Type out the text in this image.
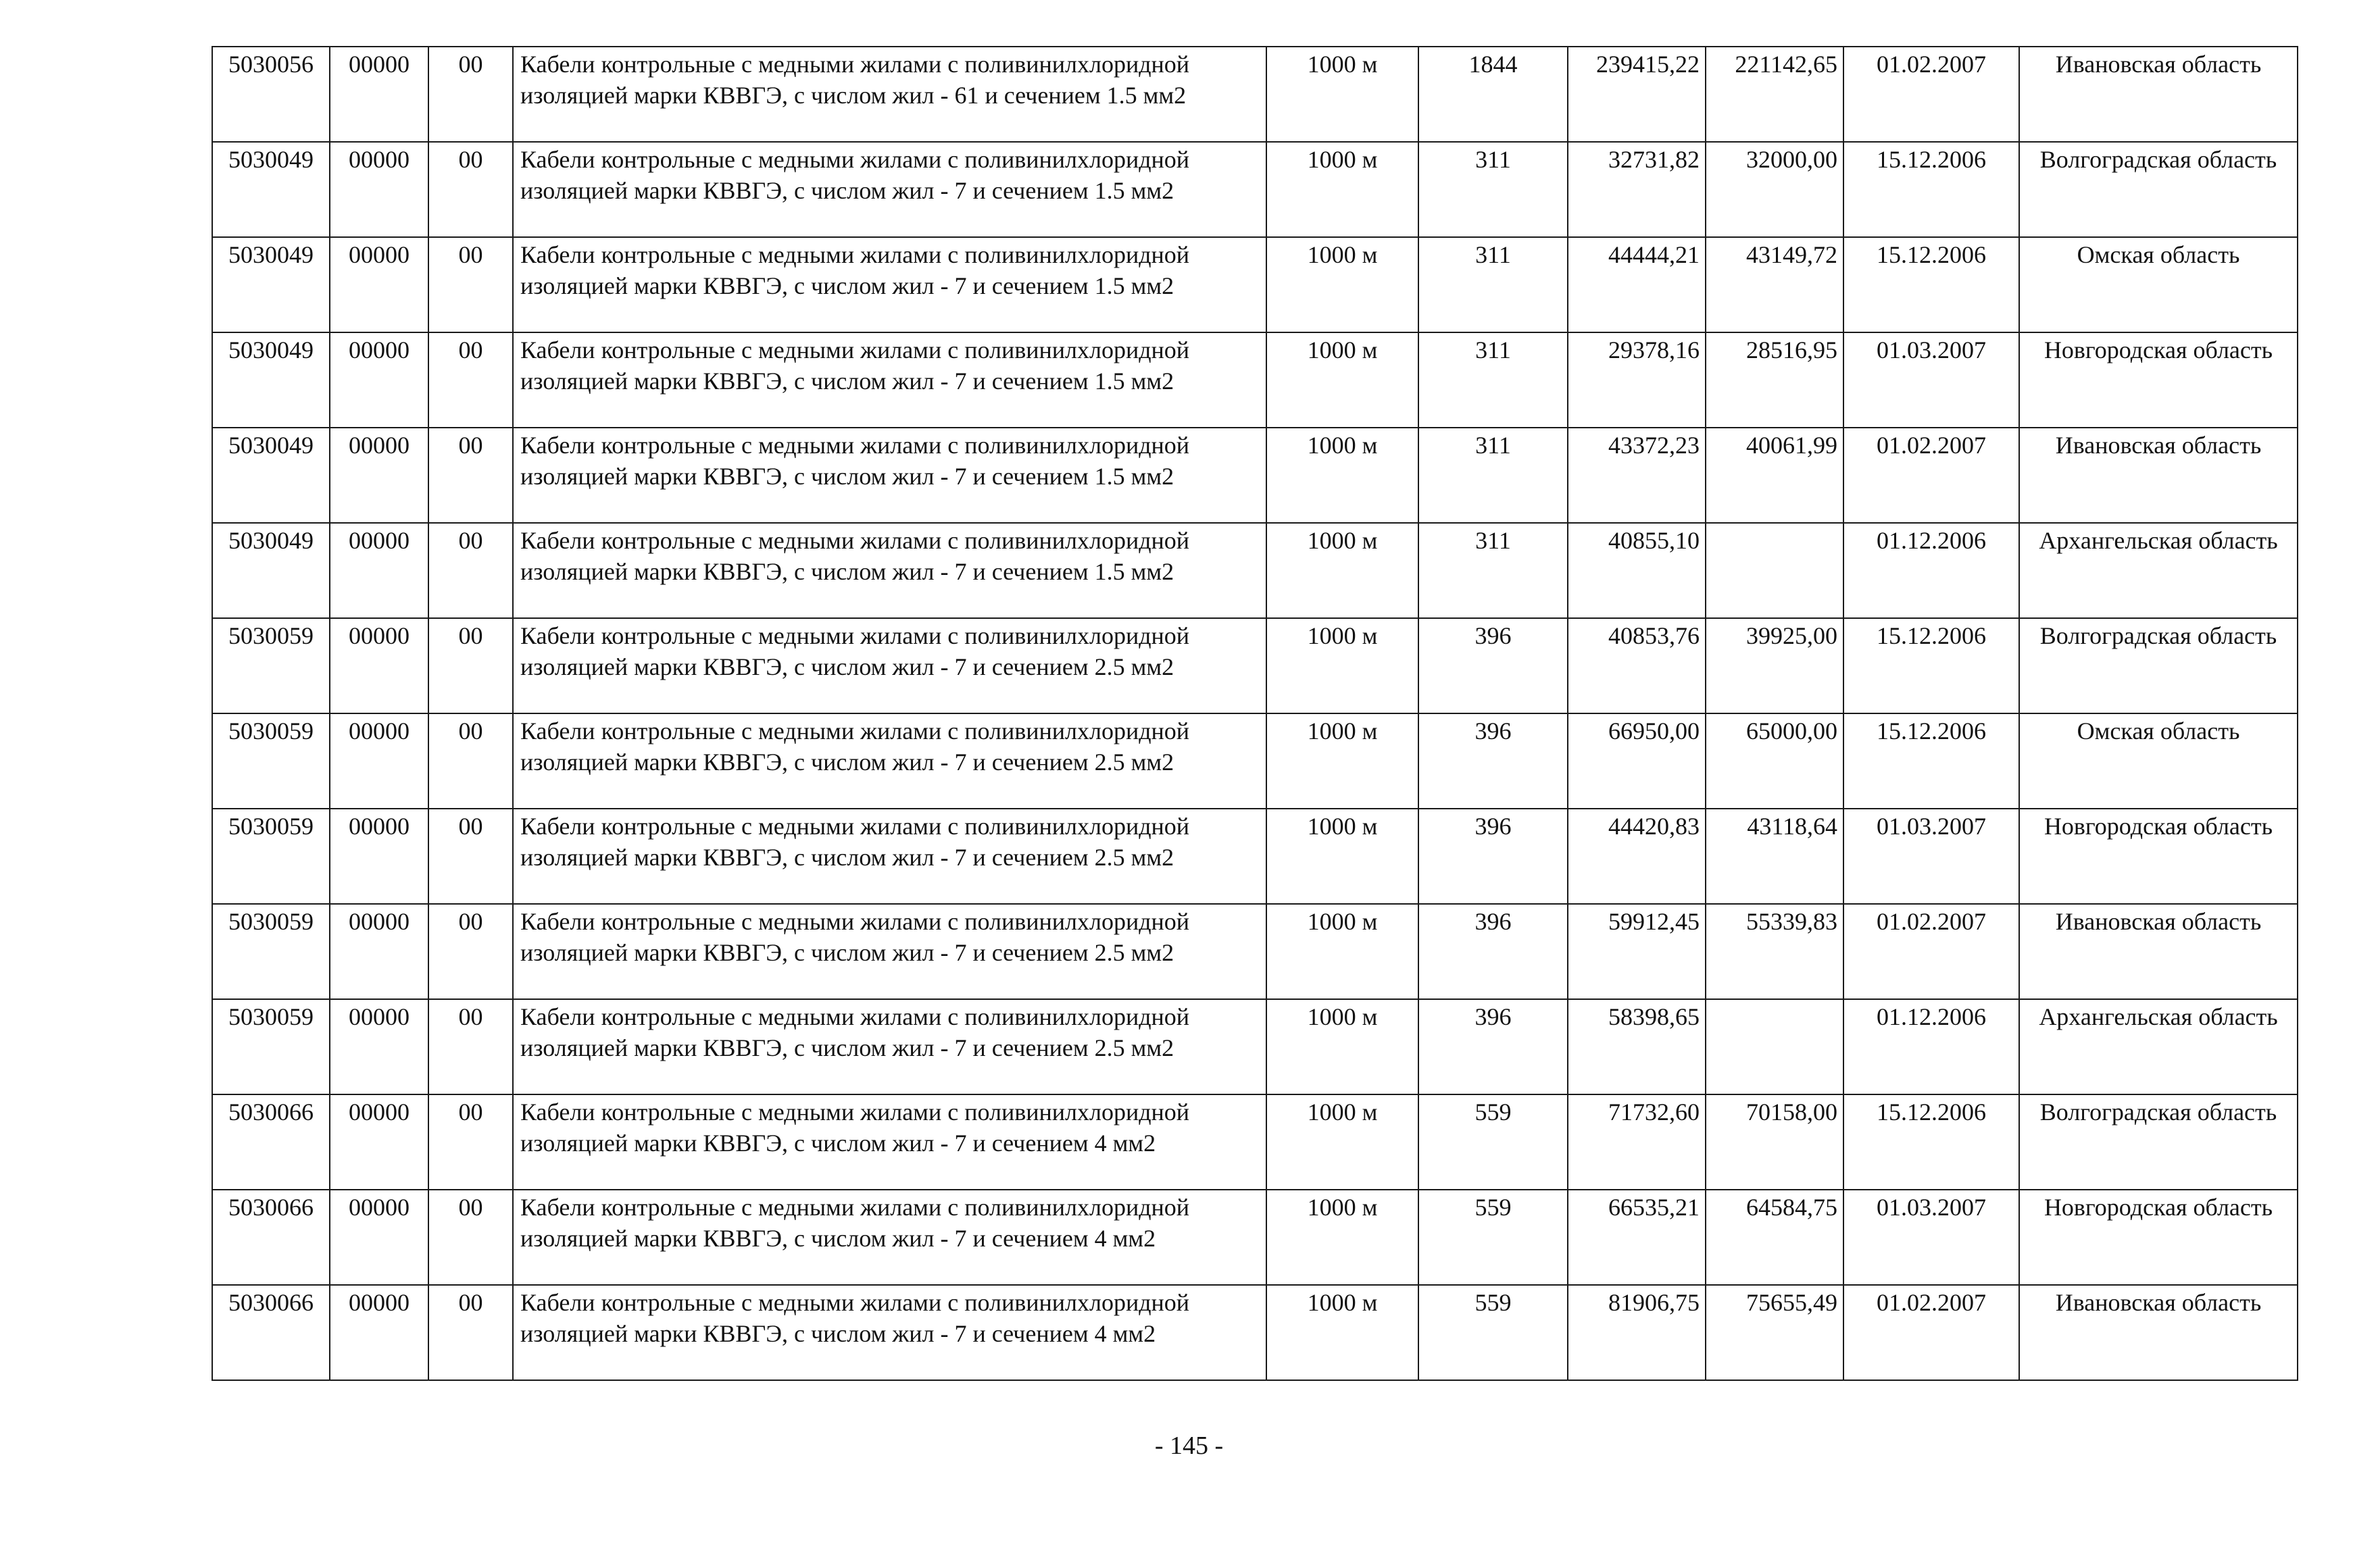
5030056	00000	00	Кабели контрольные с медными жилами с поливинилхлоридной изоляцией марки КВВГЭ, с числом жил - 61 и сечением 1.5 мм2	1000 м	1844	239415,22	221142,65	01.02.2007	Ивановская область
5030049	00000	00	Кабели контрольные с медными жилами с поливинилхлоридной изоляцией марки КВВГЭ, с числом жил - 7 и сечением 1.5 мм2	1000 м	311	32731,82	32000,00	15.12.2006	Волгоградская область
5030049	00000	00	Кабели контрольные с медными жилами с поливинилхлоридной изоляцией марки КВВГЭ, с числом жил - 7 и сечением 1.5 мм2	1000 м	311	44444,21	43149,72	15.12.2006	Омская область
5030049	00000	00	Кабели контрольные с медными жилами с поливинилхлоридной изоляцией марки КВВГЭ, с числом жил - 7 и сечением 1.5 мм2	1000 м	311	29378,16	28516,95	01.03.2007	Новгородская область
5030049	00000	00	Кабели контрольные с медными жилами с поливинилхлоридной изоляцией марки КВВГЭ, с числом жил - 7 и сечением 1.5 мм2	1000 м	311	43372,23	40061,99	01.02.2007	Ивановская область
5030049	00000	00	Кабели контрольные с медными жилами с поливинилхлоридной изоляцией марки КВВГЭ, с числом жил - 7 и сечением 1.5 мм2	1000 м	311	40855,10		01.12.2006	Архангельская область
5030059	00000	00	Кабели контрольные с медными жилами с поливинилхлоридной изоляцией марки КВВГЭ, с числом жил - 7 и сечением 2.5 мм2	1000 м	396	40853,76	39925,00	15.12.2006	Волгоградская область
5030059	00000	00	Кабели контрольные с медными жилами с поливинилхлоридной изоляцией марки КВВГЭ, с числом жил - 7 и сечением 2.5 мм2	1000 м	396	66950,00	65000,00	15.12.2006	Омская область
5030059	00000	00	Кабели контрольные с медными жилами с поливинилхлоридной изоляцией марки КВВГЭ, с числом жил - 7 и сечением 2.5 мм2	1000 м	396	44420,83	43118,64	01.03.2007	Новгородская область
5030059	00000	00	Кабели контрольные с медными жилами с поливинилхлоридной изоляцией марки КВВГЭ, с числом жил - 7 и сечением 2.5 мм2	1000 м	396	59912,45	55339,83	01.02.2007	Ивановская область
5030059	00000	00	Кабели контрольные с медными жилами с поливинилхлоридной изоляцией марки КВВГЭ, с числом жил - 7 и сечением 2.5 мм2	1000 м	396	58398,65		01.12.2006	Архангельская область
5030066	00000	00	Кабели контрольные с медными жилами с поливинилхлоридной изоляцией марки КВВГЭ, с числом жил - 7 и сечением 4 мм2	1000 м	559	71732,60	70158,00	15.12.2006	Волгоградская область
5030066	00000	00	Кабели контрольные с медными жилами с поливинилхлоридной изоляцией марки КВВГЭ, с числом жил - 7 и сечением 4 мм2	1000 м	559	66535,21	64584,75	01.03.2007	Новгородская область
5030066	00000	00	Кабели контрольные с медными жилами с поливинилхлоридной изоляцией марки КВВГЭ, с числом жил - 7 и сечением 4 мм2	1000 м	559	81906,75	75655,49	01.02.2007	Ивановская область
- 145 -
